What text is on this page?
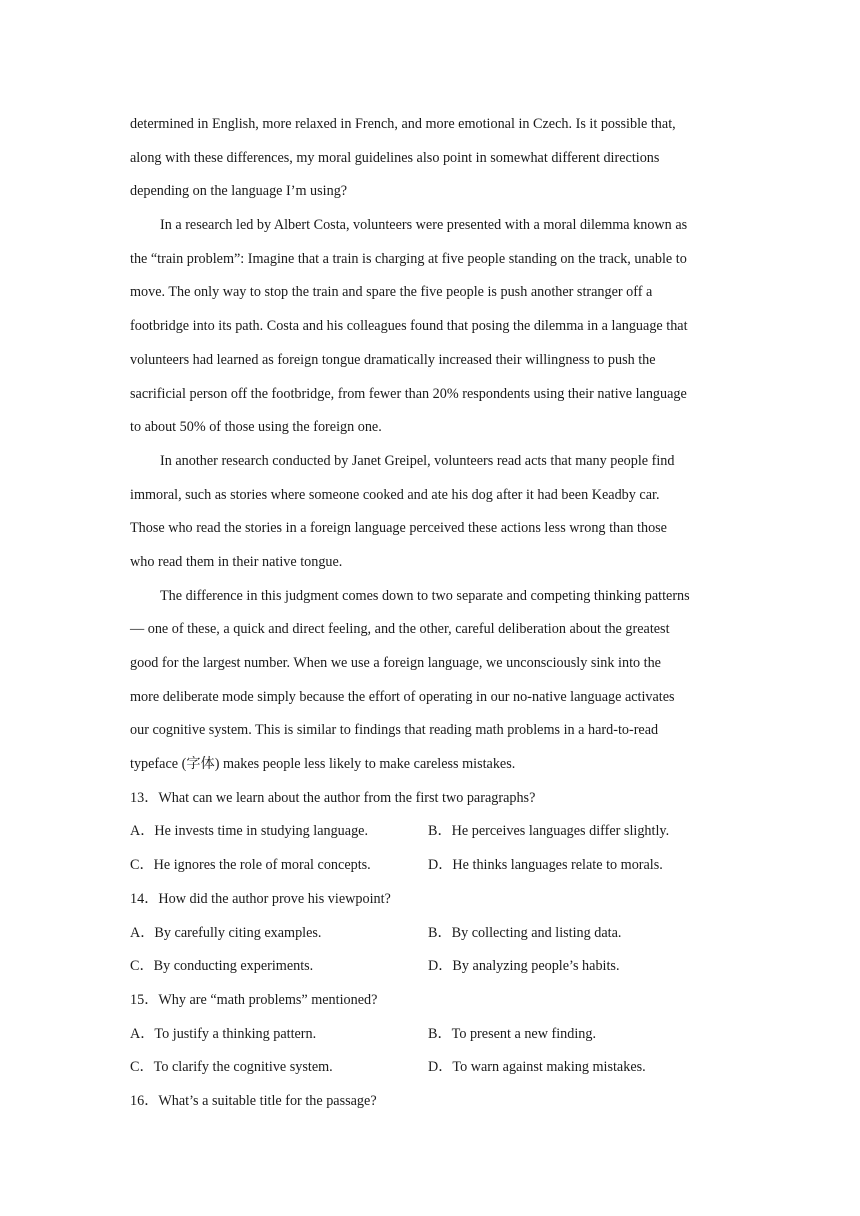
determined in English, more relaxed in French, and more emotional in Czech. Is it possible that,
along with these differences, my moral guidelines also point in somewhat different directions
depending on the language I’m using?
In a research led by Albert Costa, volunteers were presented with a moral dilemma known as
the “train problem”: Imagine that a train is charging at five people standing on the track, unable to
move. The only way to stop the train and spare the five people is push another stranger off a
footbridge into its path. Costa and his colleagues found that posing the dilemma in a language that
volunteers had learned as foreign tongue dramatically increased their willingness to push the
sacrificial person off the footbridge, from fewer than 20% respondents using their native language
to about 50% of those using the foreign one.
In another research conducted by Janet Greipel, volunteers read acts that many people find
immoral, such as stories where someone cooked and ate his dog after it had been Keadby car.
Those who read the stories in a foreign language perceived these actions less wrong than those
who read them in their native tongue.
The difference in this judgment comes down to two separate and competing thinking patterns
— one of these, a quick and direct feeling, and the other, careful deliberation about the greatest
good for the largest number. When we use a foreign language, we unconsciously sink into the
more deliberate mode simply because the effort of operating in our no-native language activates
our cognitive system. This is similar to findings that reading math problems in a hard-to-read
typeface (字体) makes people less likely to make careless mistakes.
13．What can we learn about the author from the first two paragraphs?
A．He invests time in studying language.	B．He perceives languages differ slightly.
C．He ignores the role of moral concepts.	D．He thinks languages relate to morals.
14．How did the author prove his viewpoint?
A．By carefully citing examples.	B．By collecting and listing data.
C．By conducting experiments.	D．By analyzing people’s habits.
15．Why are “math problems” mentioned?
A．To justify a thinking pattern.	B．To present a new finding.
C．To clarify the cognitive system.	D．To warn against making mistakes.
16．What’s a suitable title for the passage?
